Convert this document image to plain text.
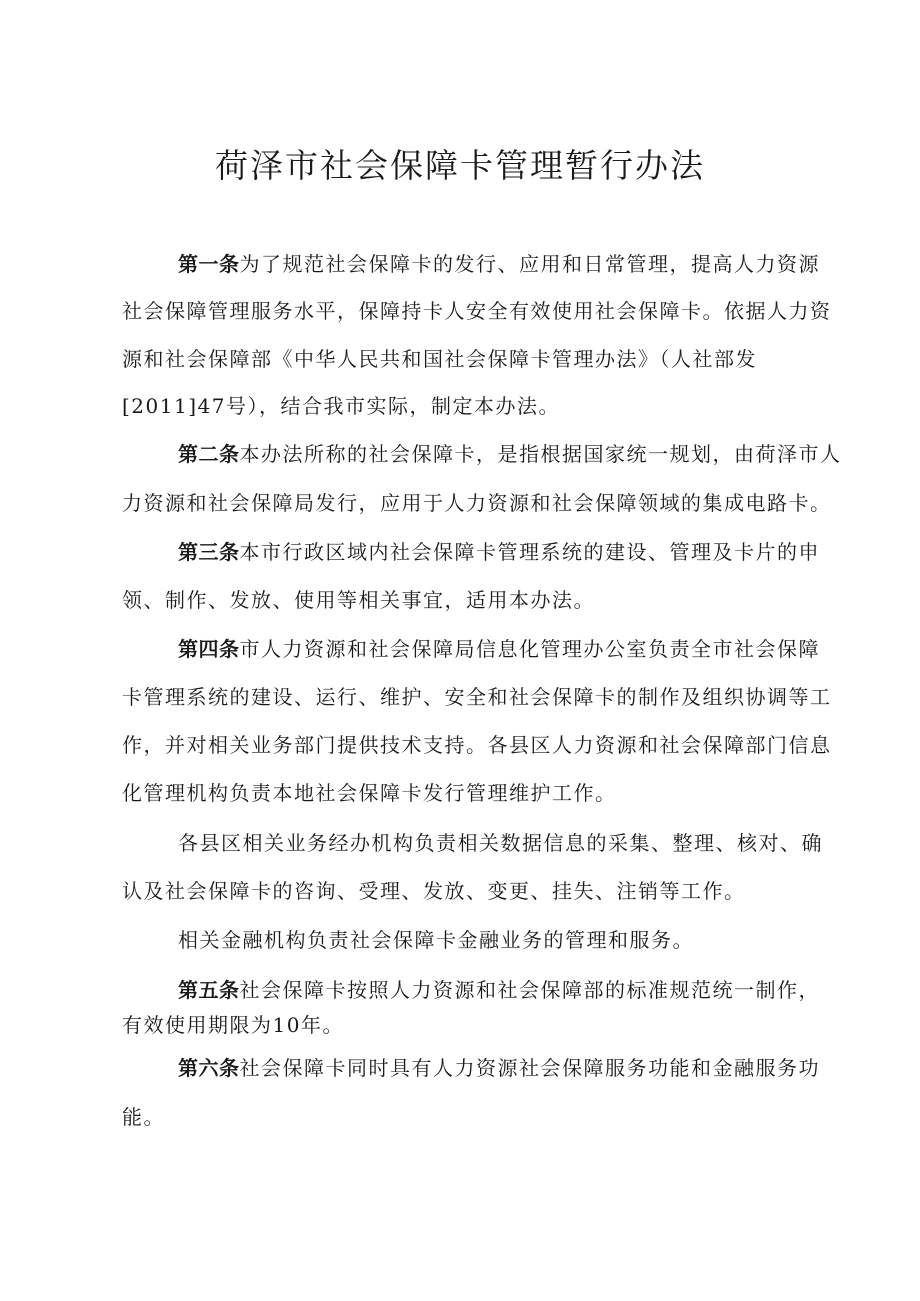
荷泽市社会保障卡管理暂行办法
第一条为了规范社会保障卡的发行、应用和日常管理，提高人力资源
社会保障管理服务水平，保障持卡人安全有效使用社会保障卡。依据人力资
源和社会保障部《中华人民共和国社会保障卡管理办法》（人社部发
[2011]47号），结合我市实际，制定本办法。
第二条本办法所称的社会保障卡，是指根据国家统一规划，由荷泽市人
力资源和社会保障局发行，应用于人力资源和社会保障领域的集成电路卡。
第三条本市行政区域内社会保障卡管理系统的建设、管理及卡片的申
领、制作、发放、使用等相关事宜，适用本办法。
第四条市人力资源和社会保障局信息化管理办公室负责全市社会保障
卡管理系统的建设、运行、维护、安全和社会保障卡的制作及组织协调等工
作，并对相关业务部门提供技术支持。各县区人力资源和社会保障部门信息
化管理机构负责本地社会保障卡发行管理维护工作。
各县区相关业务经办机构负责相关数据信息的采集、整理、核对、确
认及社会保障卡的咨询、受理、发放、变更、挂失、注销等工作。
相关金融机构负责社会保障卡金融业务的管理和服务。
第五条社会保障卡按照人力资源和社会保障部的标准规范统一制作，
有效使用期限为10年。
第六条社会保障卡同时具有人力资源社会保障服务功能和金融服务功
能。
